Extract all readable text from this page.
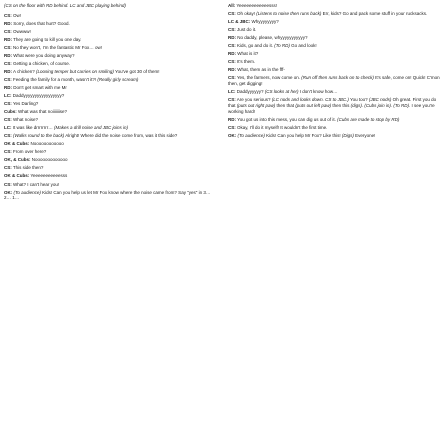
(CS on the floor with RD behind. LC and JBC playing behind)
CS: Ow!
RD: Sorry, does that hurt? Good.
CS: Owwww!
RD: They are going to kill you one day.
CS: No they won't, I'm the fantastic Mr Fox… ow!
RD: What were you doing anyway?
CS: Getting a chicken, of course.
RD: A chicken? (Loosing temper but carries on smiling) You've got 30 of them!
CS: Feeding the family for a month, wasn't it?! (Really girly scream)
RD: Don't get smart with me Mr
LC: Daddyyyyyyyyyyyyyyyyy?
CS: Yes Darling?
Cubs: What was that noiiiiiiise?
CS: What noise?
LC: It was like drrrrrrrr… (Makes a drill noise and JBC joins in)
CS: (Walks round to the back) Alright! Where did the noise come from, was it this side?
OK & Cubs: Noooooooooooo
CS: From over here?
OK, & Cubs: Nooooooooooooo
CS: This side then?
OK & Cubs: Yeeeeeeeeeeesss
CS: What? I can't hear you!
OK: (To audience) Kids! Can you help us let Mr Fox know where the noise came from? Say "yes" in 3… 2… 1…
All: Yeeeeeeeeeeeesss!
CS: Oh okay! (Listens to noise then runs back) Err, kids? Go and pack some stuff in your rucksacks.
LC & JBC: Whyyyyyyyy?
CS: Just do it.
RD: No daddy, please, whyyyyyyyyyyy?
CS: Kids, go and do it. (To RD) Go and look!
RD: What is it?
CS: It's them.
RD: What, them as in the fff-
CS: Yes, the farmers, now come on. (Run off then runs back on to check) It's safe, come on! Quick! C'mon then, get digging!
LC: Daddyyyyyy? (CS looks at her) I don't know how…
CS: Are you serious? (LC nods and looks down. CS to JBC.) You too? (JBC nods) Oh great. First you do that (puts out right paw) then that (puts out left paw) then this (digs). (Cubs join in). (To RD). I see you're working hard!
RD: You got us into this mess, you can dig us out of it. (Cubs are made to stop by RD)
CS: Okay, I'll do it myself! It wouldn't the first time.
OK: (To audience) Kids! Can you help Mr Fox? Like this! (Digs) Everyone!
